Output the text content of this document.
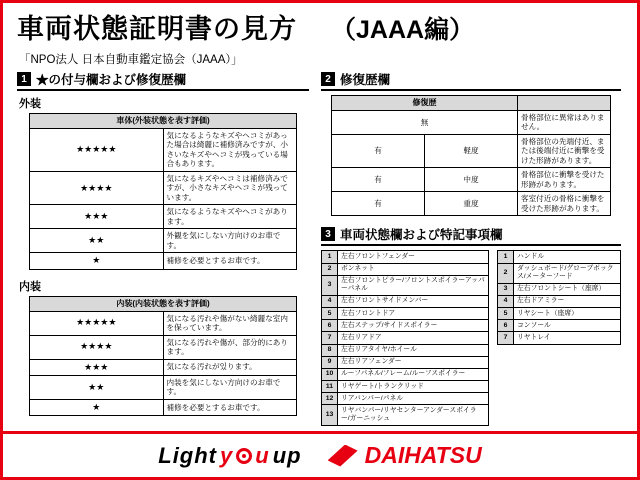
車両状態証明書の見方 （JAAA編）
「NPO法人 日本自動車鑑定協会（JAAA）」
1 ★の付与欄および修復歴欄
外装
車体(外装状態を表す評価)	
★★★★★	気になるようなキズやヘコミがあった場合は綺麗に補修済みですが、小さいなキズやヘコミが残っている場合もあります。
★★★★	気になるキズやヘコミは補修済みですが、小さなキズやヘコミが残っています。
★★★	気になるようなキズやヘコミがあります。
★★	外観を気にしない方向けのお車です。
★	補修を必要とするお車です。
内装
内装(内装状態を表す評価)	
★★★★★	気になる汚れや傷がない綺麗な室内を保っています。
★★★★	気になる汚れや傷が、部分的にあります。
★★★	気になる汚れが있ります。
★★	内装を気にしない方向けのお車です。
★	補修を必要とするお車です。
2 修復歴欄
修復歴		
無		骨格部位に異常はありません。
有	軽度	骨格部位の先端付近、または後端付近に衝撃を受けた形跡があります。
有	中度	骨格部位に衝撃を受けた形跡があります。
有	重度	客室付近の骨格に衝撃を受けた形跡があります。
3 車両状態欄および特記事項欄
1	左右フロントフェンダー
2	ボンネット
3	左右フロントピラー/フロントスポイラーアッパーパネル
4	左右フロントサイドメンバー
5	左右フロントドア
6	左右ステップ/サイドスポイラー
7	左右リアドア
8	左右リアタイヤ/ホイール
9	左右リアフェンダー
10	ルーフパネル/フレーム/ルーフスポイラー
11	リヤゲート/トランクリッド
12	リアバンパー/パネル
13	リヤバンパー/リヤセンターアンダースポイラー/ガーニッシュ
1	ハンドル
2	ダッシュボード/グローブボックス/メーターフード
3	左右フロントシート（座席）
4	左右ドアミラー
5	リヤシート（座席）
6	コンソール
7	リヤトレイ
Light y u up	DAIHATSU
